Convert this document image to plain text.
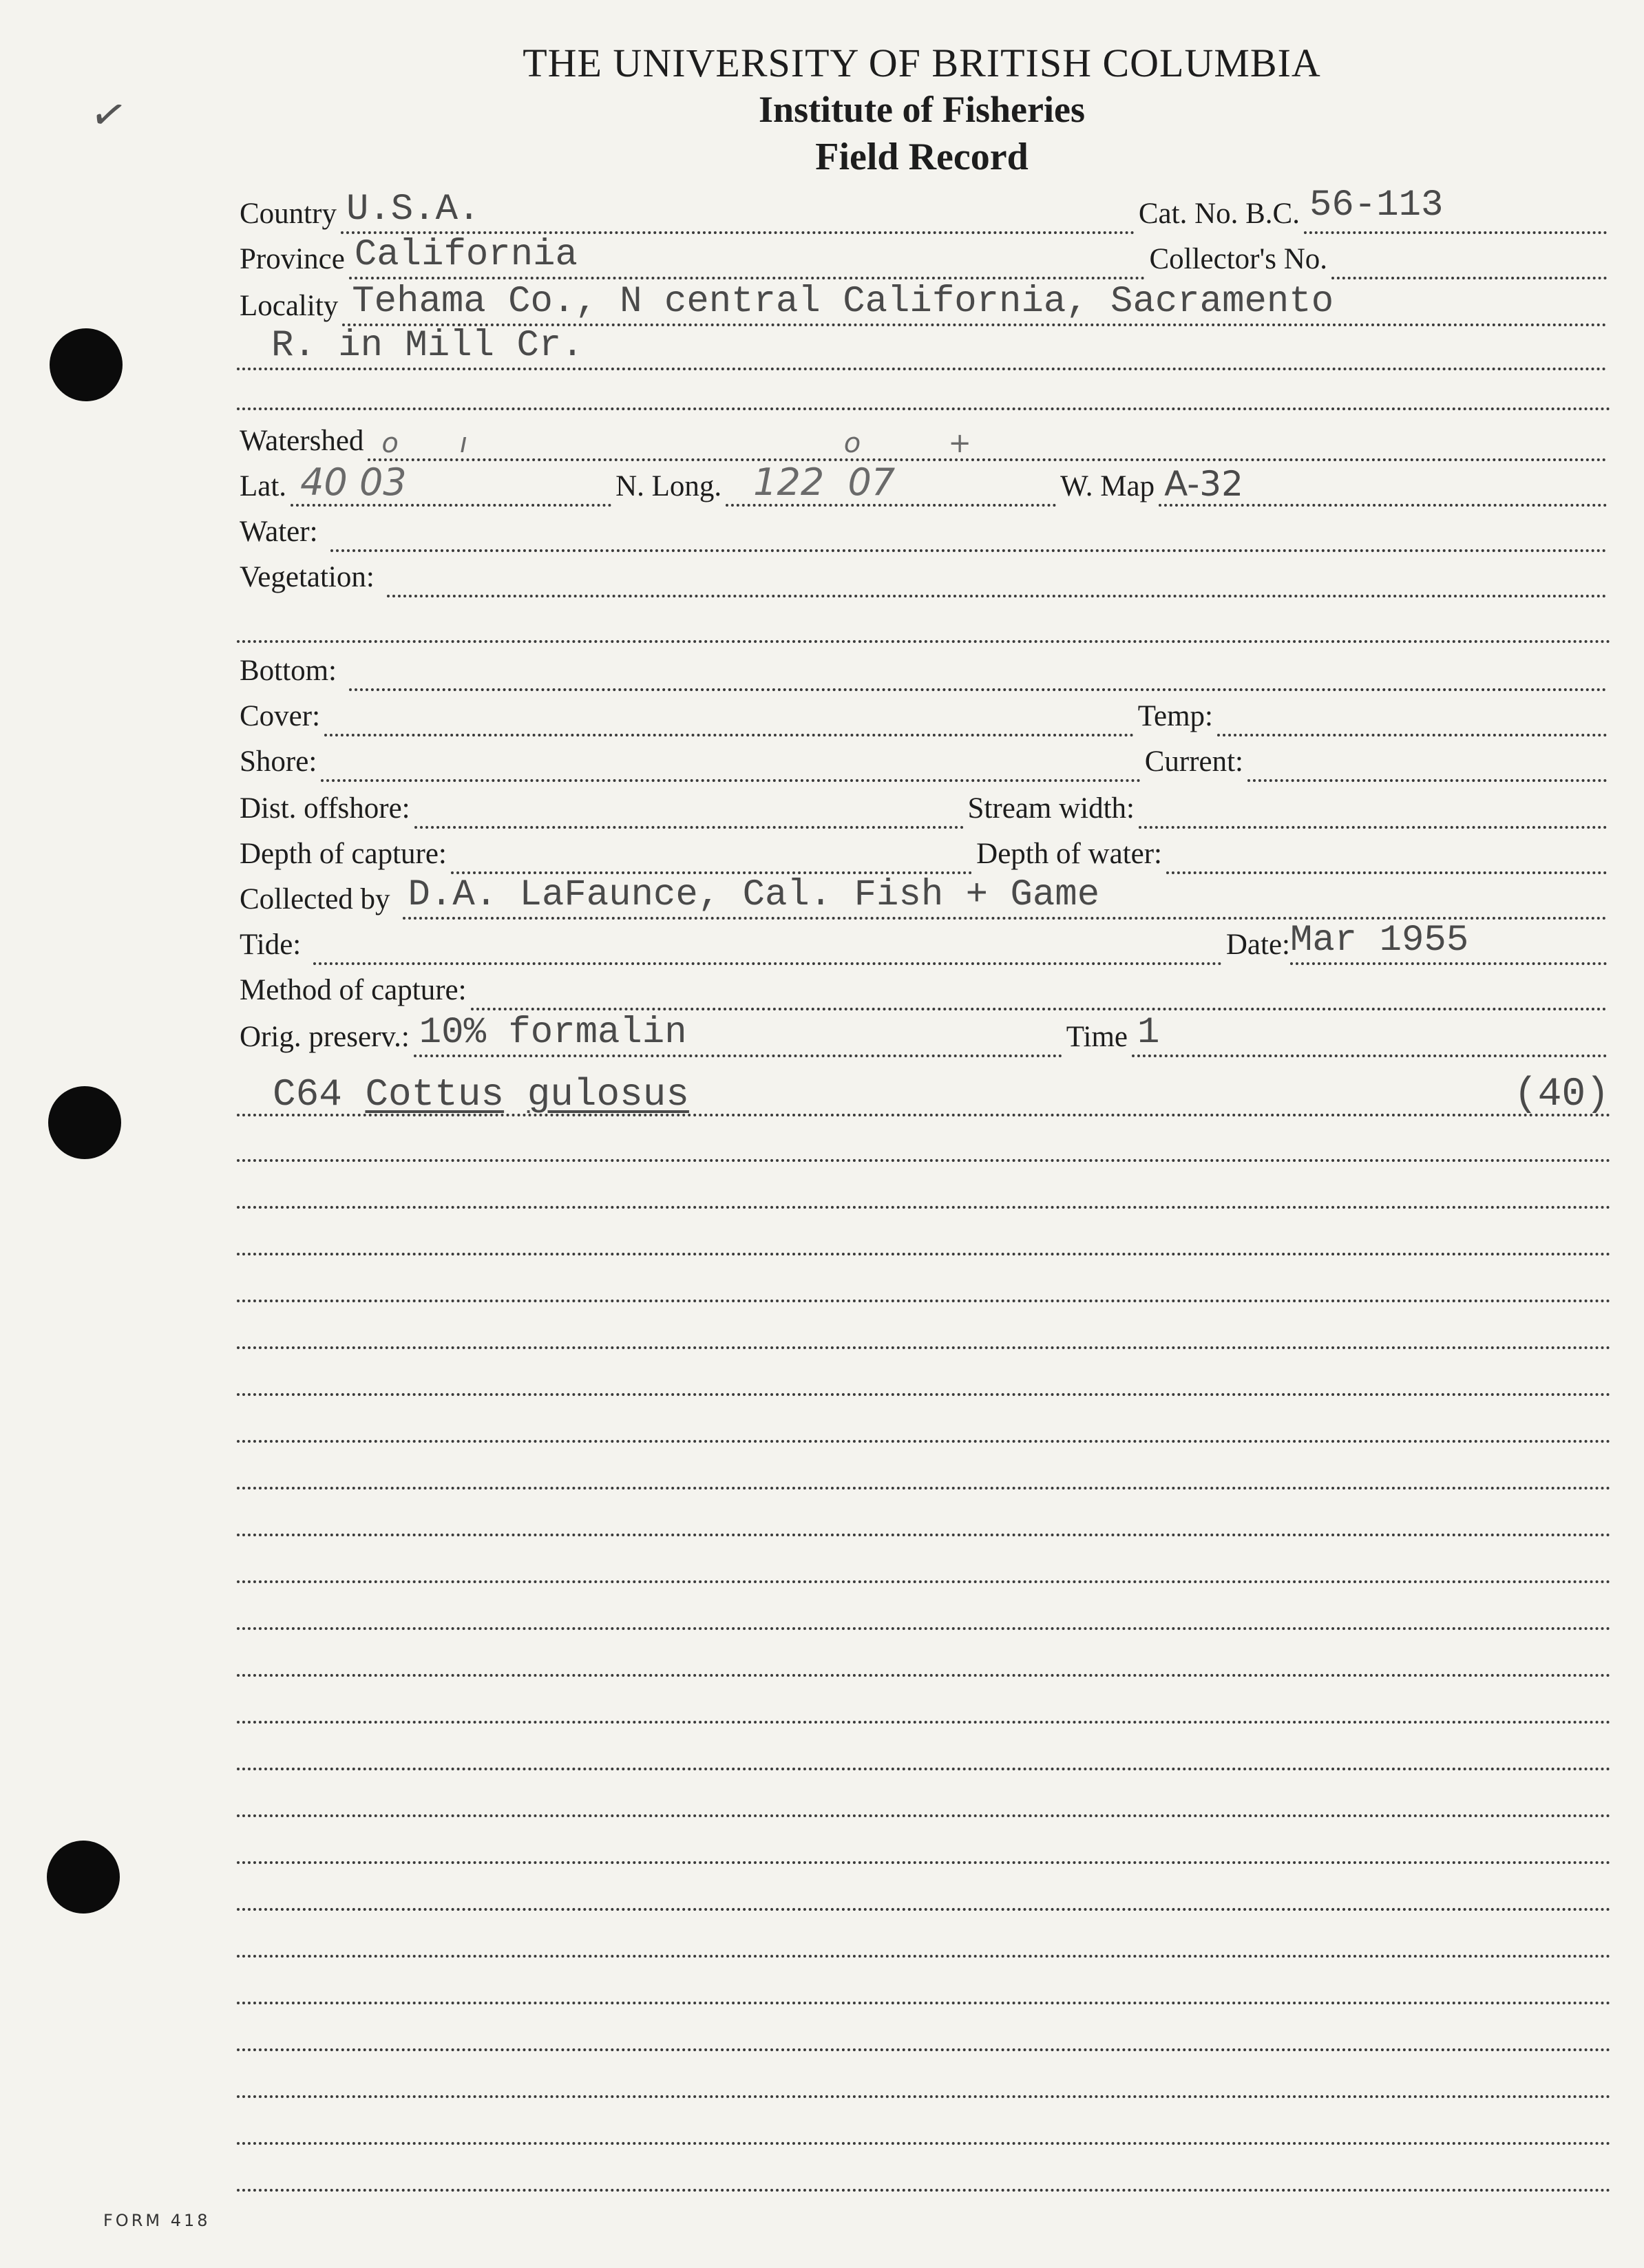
✓
THE UNIVERSITY OF BRITISH COLUMBIA
Institute of Fisheries
Field Record
Country U.S.A.	Cat. No. B.C. 56-113
Province California	Collector's No.
Locality Tehama Co., N central California, Sacramento
R. in Mill Cr.
Watershed o       ı                                           o          +
Lat. 40 03	N. Long. 122  07	W. Map A-32
Water:
Vegetation:
Bottom:
Cover:	Temp:
Shore:	Current:
Dist. offshore:	Stream width:
Depth of capture:	Depth of water:
Collected by D.A. LaFaunce, Cal. Fish + Game
Tide:	Date: Mar 1955
Method of capture:
Orig. preserv.: 10% formalin	Time 1
C64 Cottus gulosus	(40)
FORM 418
